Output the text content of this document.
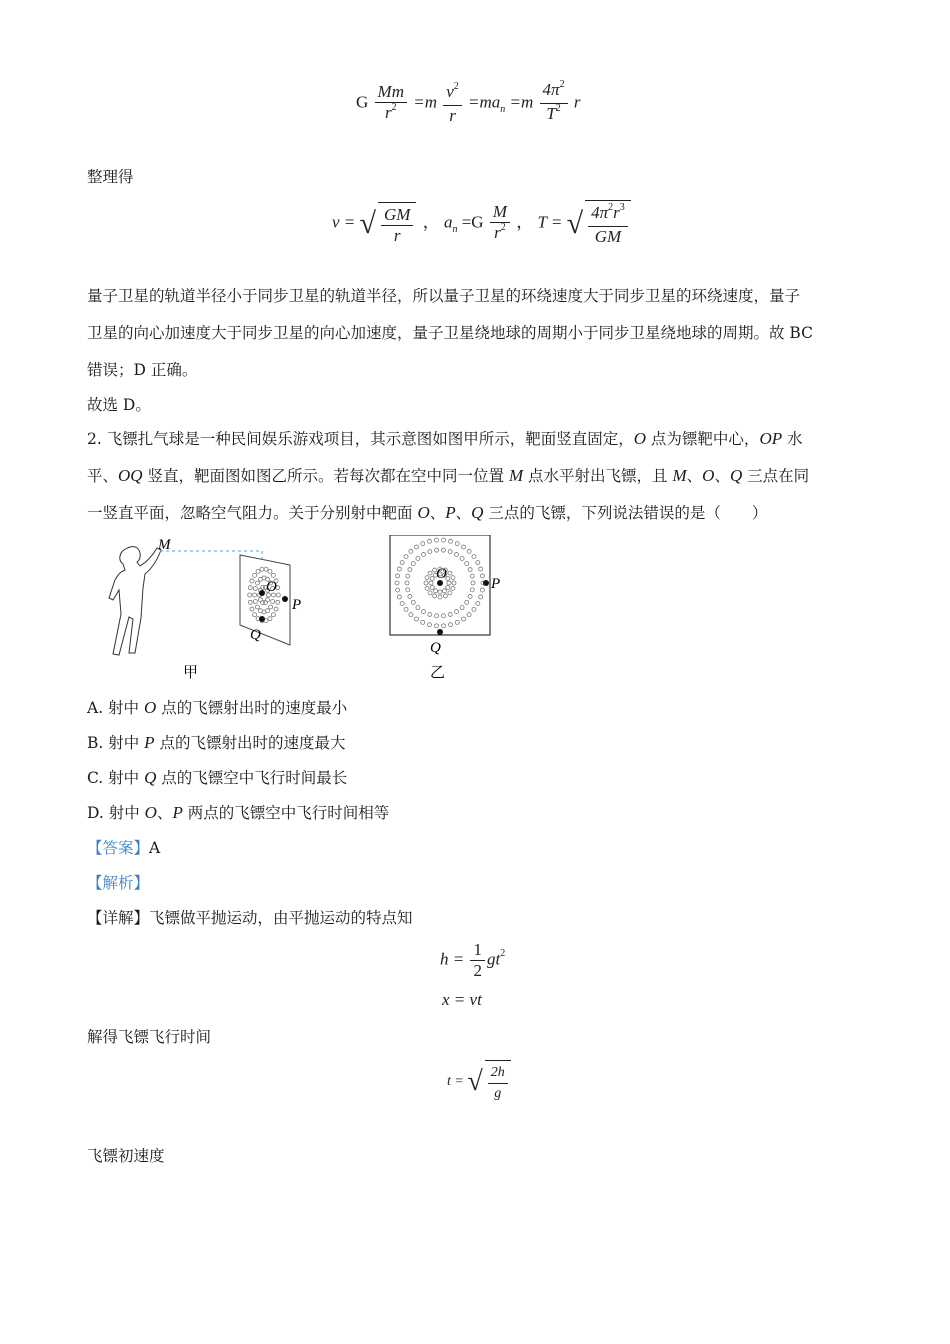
G $\frac{Mm}{r^2} =m \frac{v^2}{r} =ma_n =m \frac{4\pi^2}{T^2}$ r
整理得
v = √ $\frac{GM}{r}$ ， $a_n =G \frac{M}{r^2}$ ， T = √ $\frac{4\pi^2r^3}{GM}$
量子卫星的轨道半径小于同步卫星的轨道半径，所以量子卫星的环绕速度大于同步卫星的环绕速度，量子
卫星的向心加速度大于同步卫星的向心加速度，量子卫星绕地球的周期小于同步卫星绕地球的周期。故 BC
错误；D 正确。
故选 D。
2. 飞镖扎气球是一种民间娱乐游戏项目，其示意图如图甲所示，靶面竖直固定，O 点为镖靶中心，OP 水
平、OQ 竖直，靶面图如图乙所示。若每次都在空中同一位置 M 点水平射出飞镖，且 M、O、Q 三点在同
一竖直平面，忽略空气阻力。关于分别射中靶面 O、P、Q 三点的飞镖，下列说法错误的是（　　）
M
O
P
Q
甲
O
P
Q
乙
A. 射中 O 点的飞镖射出时的速度最小
B. 射中 P 点的飞镖射出时的速度最大
C. 射中 Q 点的飞镖空中飞行时间最长
D. 射中 O、P 两点的飞镖空中飞行时间相等
【答案】A
【解析】
【详解】飞镖做平抛运动，由平抛运动的特点知
$h = \frac{1}{2} gt^2$
x = vt
解得飞镖飞行时间
t = √ $\frac{2h}{g}$
飞镖初速度
